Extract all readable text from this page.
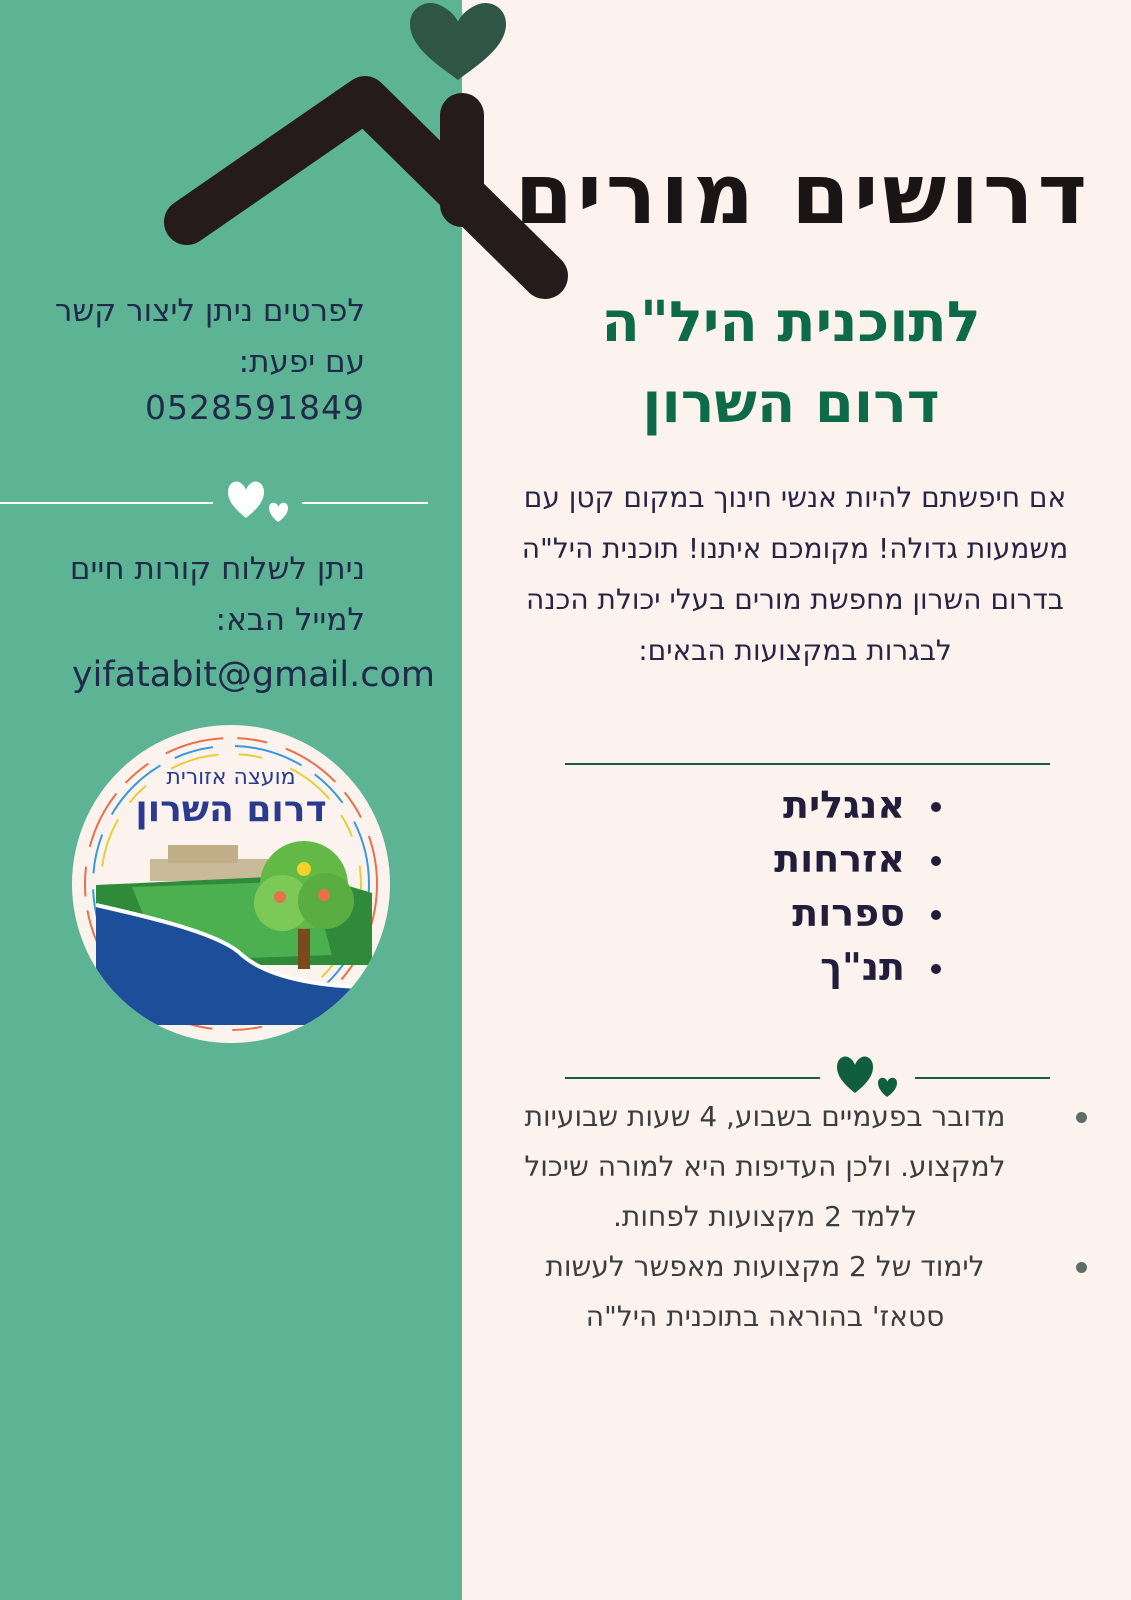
דרושים מורים
לתוכנית היל"ה דרום השרון

אם חיפשתם להיות אנשי חינוך במקום קטן עם משמעות גדולה! מקומכם איתנו! תוכנית היל"ה בדרום השרון מחפשת מורים בעלי יכולת הכנה לבגרות במקצועות הבאים:

אנגלית
אזרחות
ספרות
תנ"ך
מדובר בפעמיים בשבוע, 4 שעות שבועיות למקצוע. ולכן העדיפות היא למורה שיכול ללמד 2 מקצועות לפחות.
לימוד של 2 מקצועות מאפשר לעשות סטאז' בהוראה בתוכנית היל"ה

לפרטים ניתן ליצור קשר עם יפעת:

0528591849

ניתן לשלוח קורות חיים למייל הבא:

yifatabit@gmail.com

מועצה אזורית

דרום השרון
